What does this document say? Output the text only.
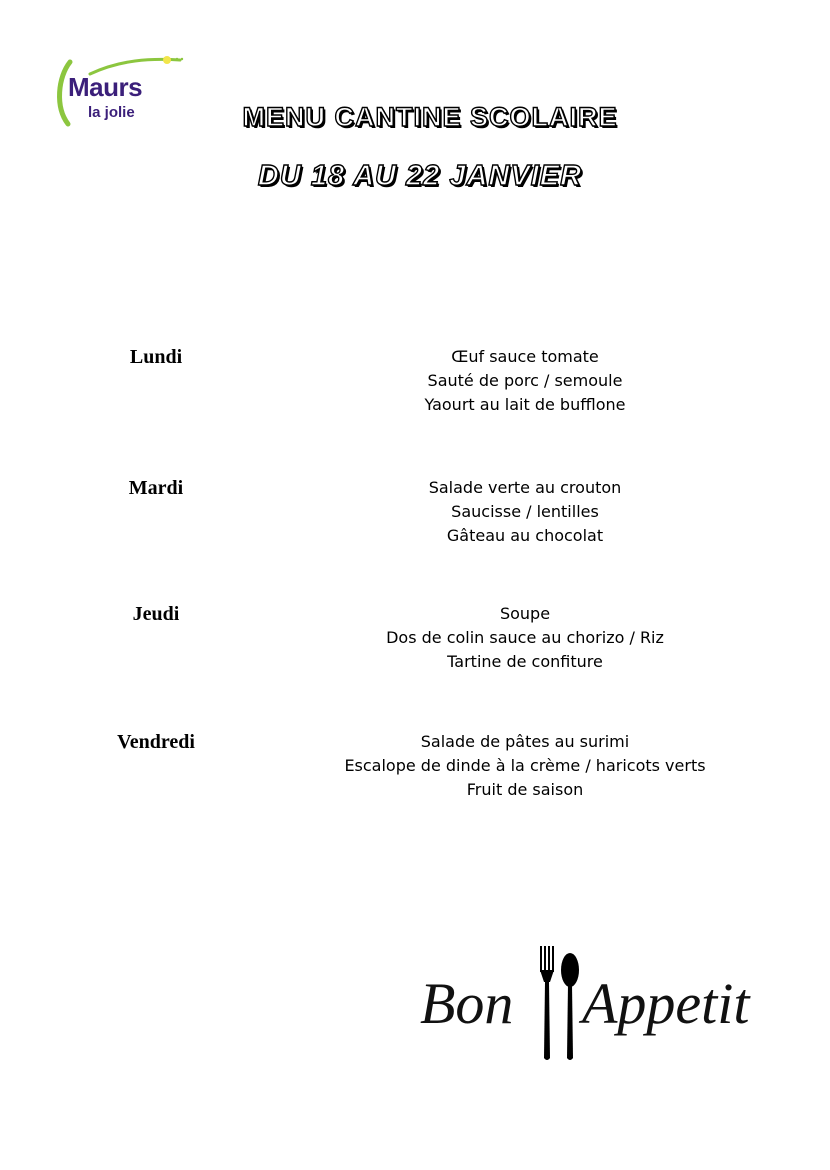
Maurs
la jolie	MENU CANTINE SCOLAIRE
DU 18 AU 22 JANVIER
Lundi	Œuf sauce tomate
Sauté de porc / semoule
Yaourt au lait de bufflone
Mardi	Salade verte au crouton
Saucisse / lentilles
Gâteau au chocolat
Jeudi	Soupe
Dos de colin sauce au chorizo / Riz
Tartine de confiture
Vendredi	Salade de pâtes au surimi
Escalope de dinde à la crème / haricots verts
Fruit de saison
Bon Appetit
